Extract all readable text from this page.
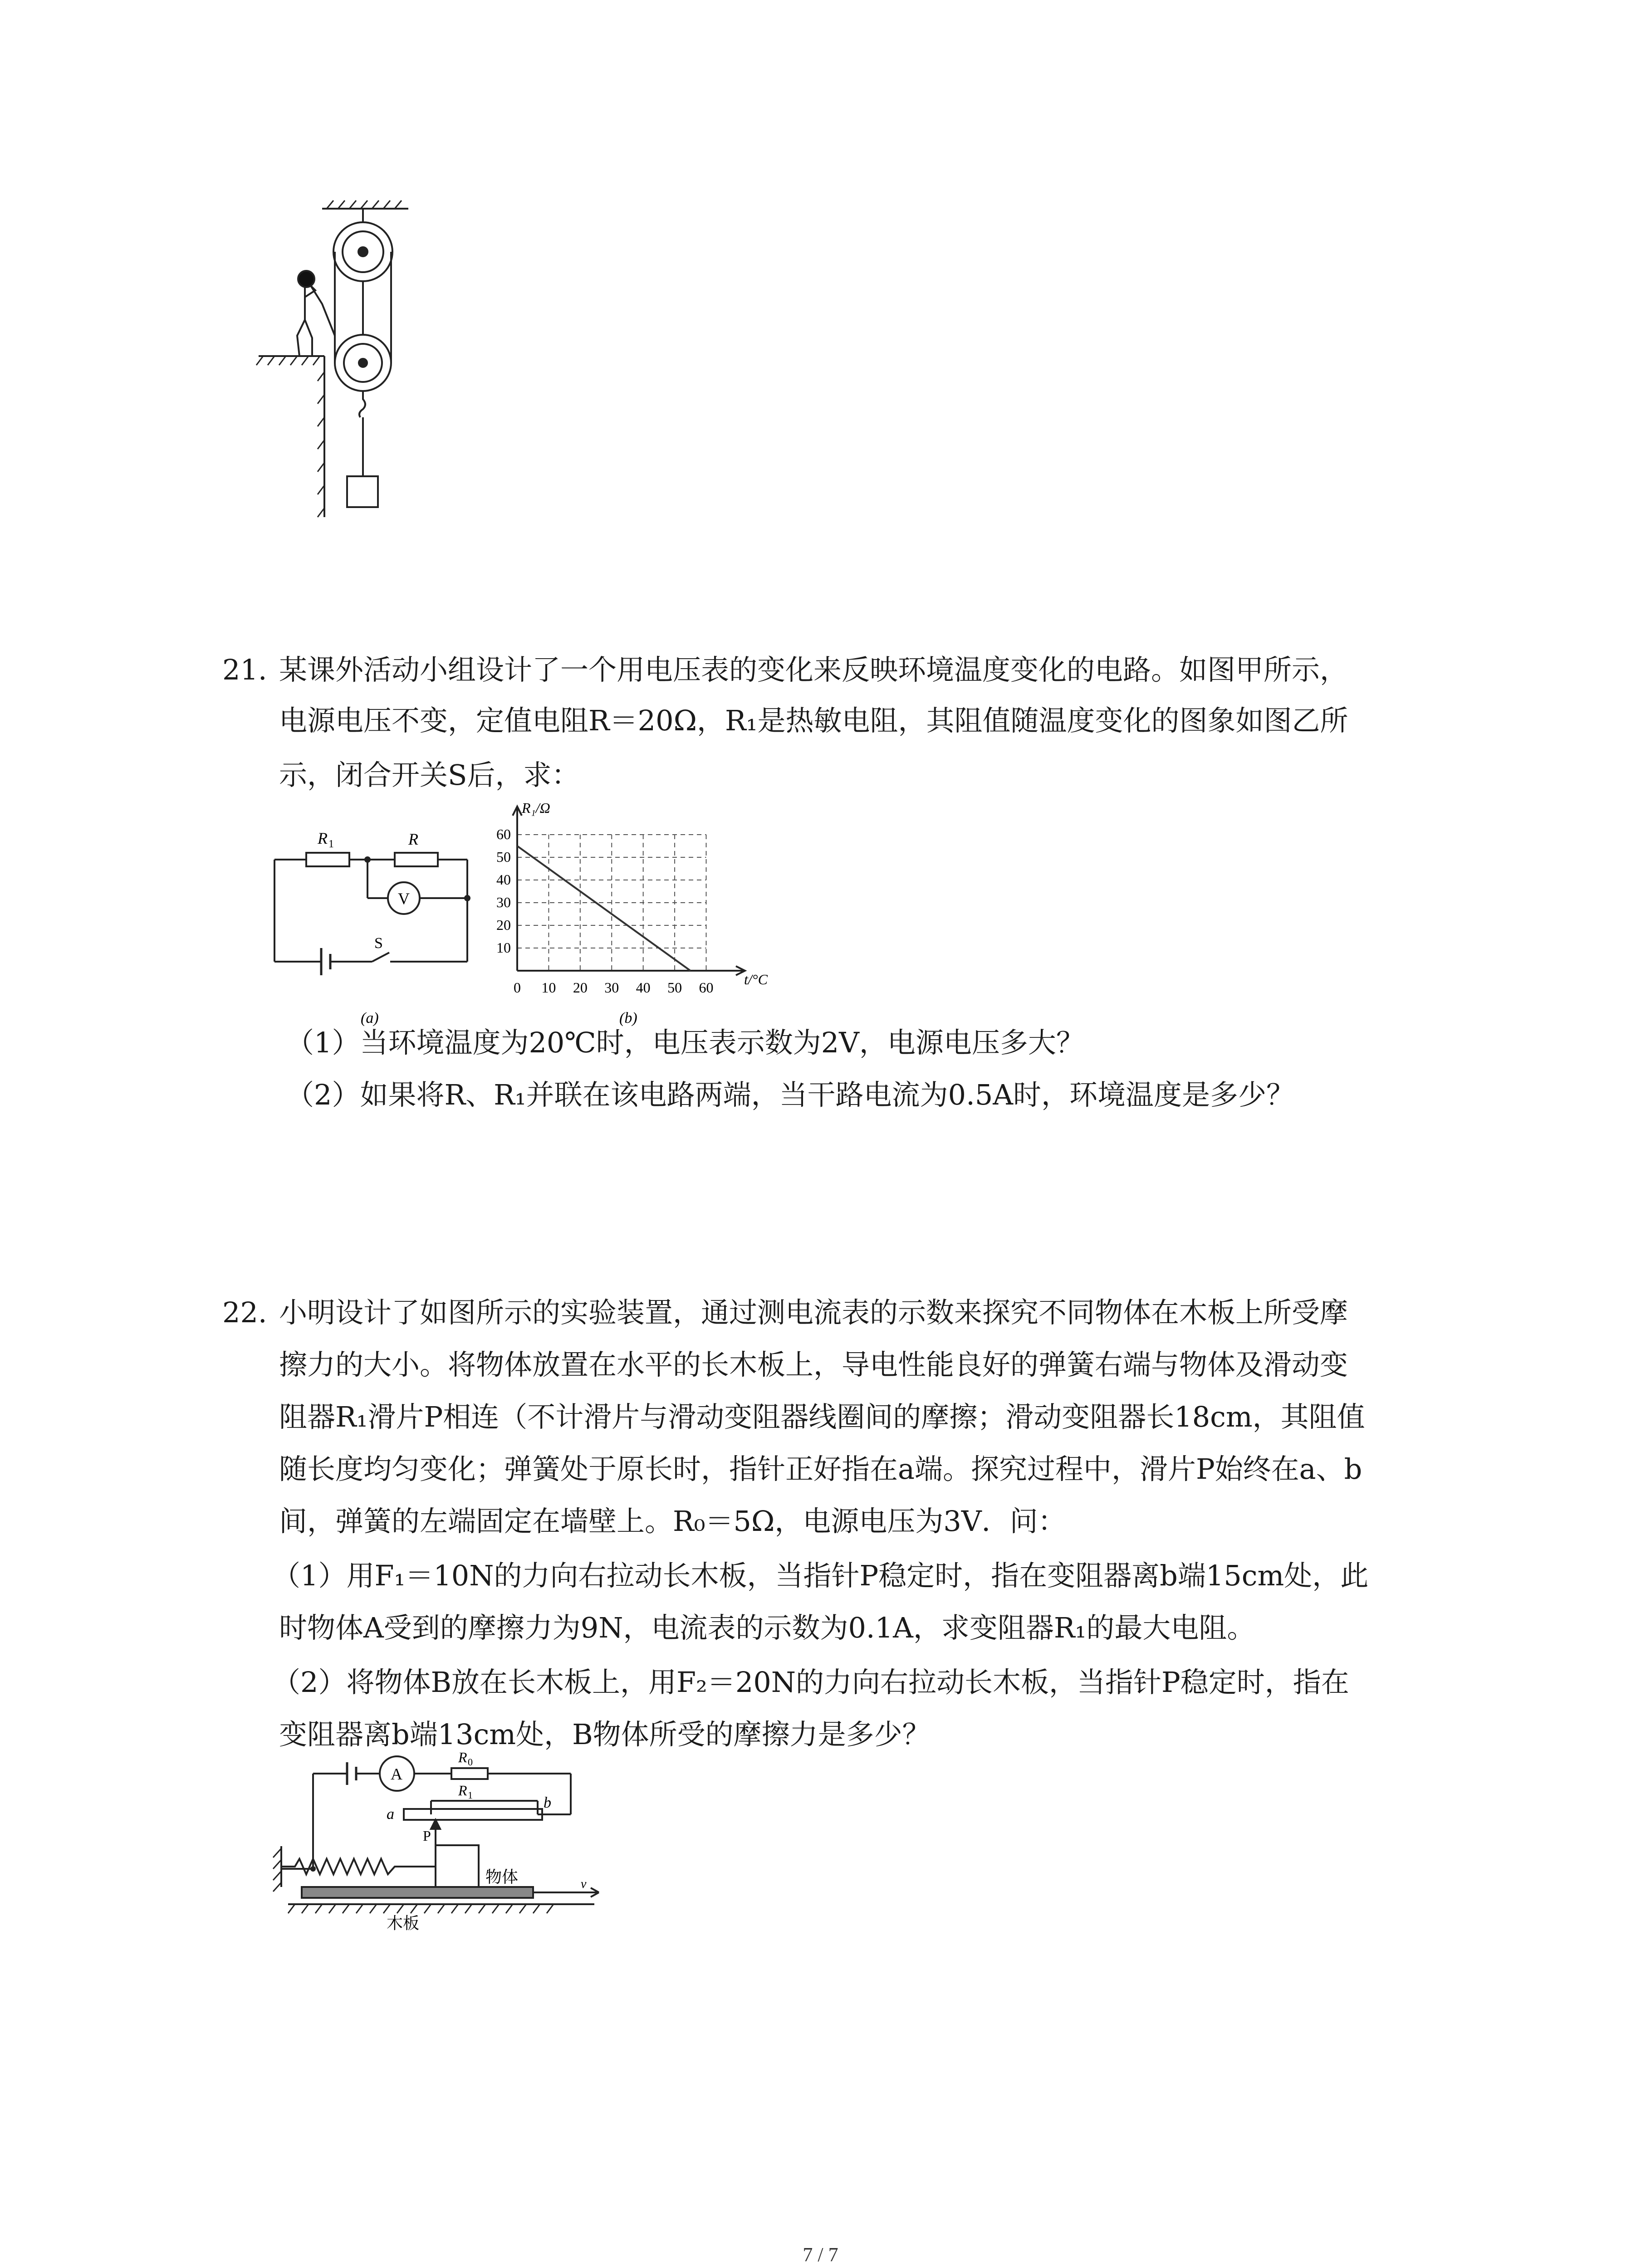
21. 某课外活动小组设计了一个用电压表的变化来反映环境温度变化的电路。如图甲所示，
电源电压不变，定值电阻R＝20Ω，R₁是热敏电阻，其阻值随温度变化的图象如图乙所
示，闭合开关S后，求：
R 1	R
V
S
(a)
0 10 20 30 40 50 60
10
20
30
40
50
60
R₁/Ω
t/°C
(b)
（1）当环境温度为20℃时，电压表示数为2V，电源电压多大？
（2）如果将R、R₁并联在该电路两端，当干路电流为0.5A时，环境温度是多少？
22. 小明设计了如图所示的实验装置，通过测电流表的示数来探究不同物体在木板上所受摩
擦力的大小。将物体放置在水平的长木板上，导电性能良好的弹簧右端与物体及滑动变
阻器R₁滑片P相连（不计滑片与滑动变阻器线圈间的摩擦；滑动变阻器长18cm，其阻值
随长度均匀变化；弹簧处于原长时，指针正好指在a端。探究过程中，滑片P始终在a、b
间，弹簧的左端固定在墙壁上。R₀＝5Ω，电源电压为3V．问：
（1）用F₁＝10N的力向右拉动长木板，当指针P稳定时，指在变阻器离b端15cm处，此
时物体A受到的摩擦力为9N，电流表的示数为0.1A，求变阻器R₁的最大电阻。
（2）将物体B放在长木板上，用F₂＝20N的力向右拉动长木板，当指针P稳定时，指在
变阻器离b端13cm处，B物体所受的摩擦力是多少？
A
R 0
R 1
a
b
P
物体	v
木板
7 / 7
